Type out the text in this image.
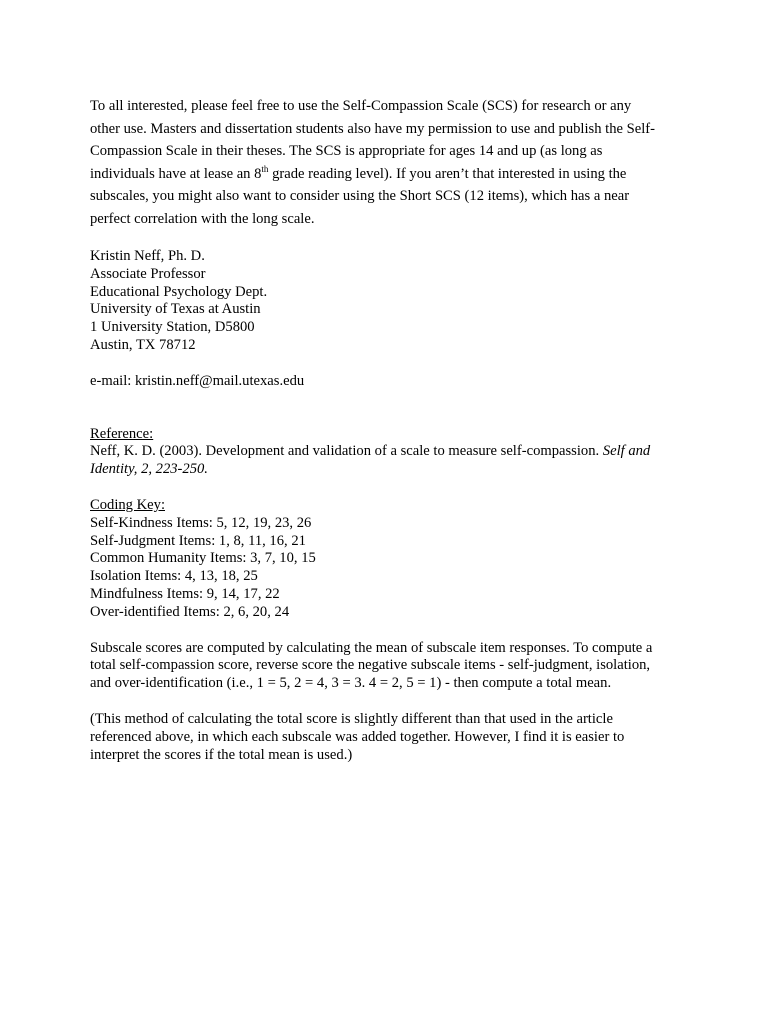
To all interested, please feel free to use the Self-Compassion Scale (SCS) for research or any
other use. Masters and dissertation students also have my permission to use and publish the Self-
Compassion Scale in their theses. The SCS is appropriate for ages 14 and up (as long as
individuals have at lease an 8th grade reading level). If you aren’t that interested in using the
subscales, you might also want to consider using the Short SCS (12 items), which has a near
perfect correlation with the long scale.

Kristin Neff, Ph. D.
Associate Professor
Educational Psychology Dept.
University of Texas at Austin
1 University Station, D5800
Austin, TX 78712
e-mail: kristin.neff@mail.utexas.edu
Reference:
Neff, K. D. (2003). Development and validation of a scale to measure self-compassion. Self and
Identity, 2, 223-250.
Coding Key:
Self-Kindness Items: 5, 12, 19, 23, 26
Self-Judgment Items: 1, 8, 11, 16, 21
Common Humanity Items: 3, 7, 10, 15
Isolation Items: 4, 13, 18, 25
Mindfulness Items: 9, 14, 17, 22
Over-identified Items: 2, 6, 20, 24
Subscale scores are computed by calculating the mean of subscale item responses. To compute a
total self-compassion score, reverse score the negative subscale items - self-judgment, isolation,
and over-identification (i.e., 1 = 5, 2 = 4, 3 = 3. 4 = 2, 5 = 1) - then compute a total mean.
(This method of calculating the total score is slightly different than that used in the article
referenced above, in which each subscale was added together. However, I find it is easier to
interpret the scores if the total mean is used.)
